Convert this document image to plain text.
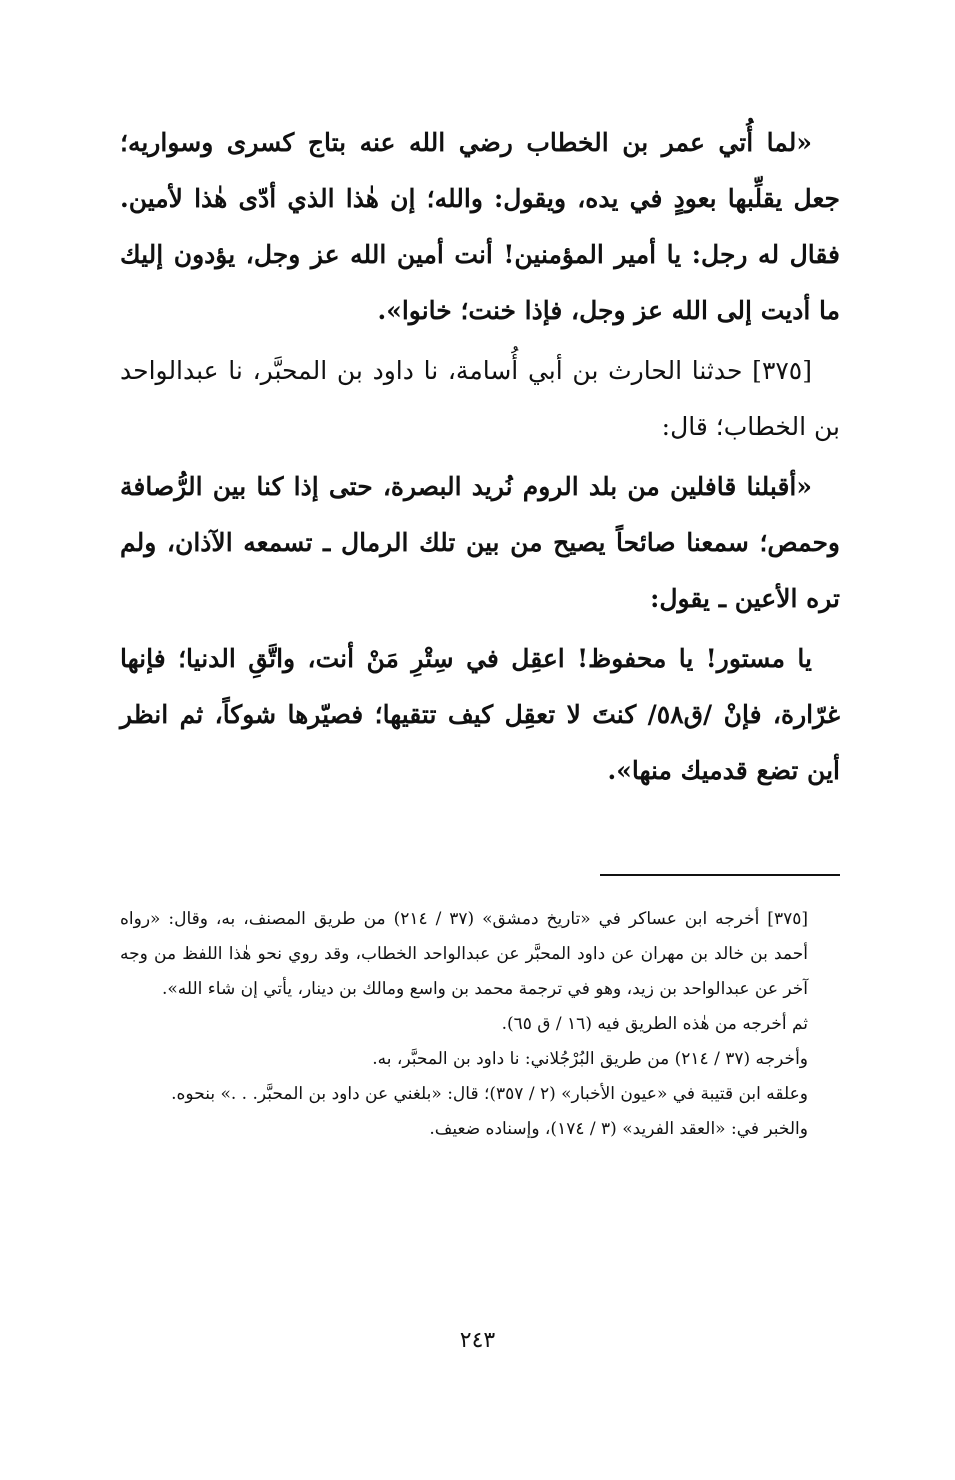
«لما أُتي عمر بن الخطاب رضي الله عنه بتاج كسرى وسواريه؛ جعل يقلِّبها بعودٍ في يده، ويقول: والله؛ إن هٰذا الذي أدّى هٰذا لأمين. فقال له رجل: يا أمير المؤمنين! أنت أمين الله عز وجل، يؤدون إليك ما أديت إلى الله عز وجل، فإذا خنت؛ خانوا».

[٣٧٥] حدثنا الحارث بن أبي أُسامة، نا داود بن المحبَّر، نا عبدالواحد بن الخطاب؛ قال:

«أقبلنا قافلين من بلد الروم نُريد البصرة، حتى إذا كنا بين الرُّصافة وحمص؛ سمعنا صائحاً يصيح من بين تلك الرمال ـ تسمعه الآذان، ولم تره الأعين ـ يقول:

يا مستور! يا محفوظ! اعقِل في سِتْرِ مَنْ أنت، واتَّقِ الدنيا؛ فإنها غرّارة، فإنْ /ق٥٨/ كنتَ لا تعقِل كيف تتقيها؛ فصيّرها شوكاً، ثم انظر أين تضع قدميك منها».

[٣٧٥] أخرجه ابن عساكر في «تاريخ دمشق» (٣٧ / ٢١٤) من طريق المصنف، به، وقال: «رواه أحمد بن خالد بن مهران عن داود المحبَّر عن عبدالواحد الخطاب، وقد روي نحو هٰذا اللفظ من وجه آخر عن عبدالواحد بن زيد، وهو في ترجمة محمد بن واسع ومالك بن دينار، يأتي إن شاء الله».

ثم أخرجه من هٰذه الطريق فيه (١٦ / ق ٦٥).

وأخرجه (٣٧ / ٢١٤) من طريق البُرْجُلاني: نا داود بن المحبَّر، به.

وعلقه ابن قتيبة في «عيون الأخبار» (٢ / ٣٥٧)؛ قال: «بلغني عن داود بن المحبَّر. . .» بنحوه.

والخبر في: «العقد الفريد» (٣ / ١٧٤)، وإسناده ضعيف.

٢٤٣
